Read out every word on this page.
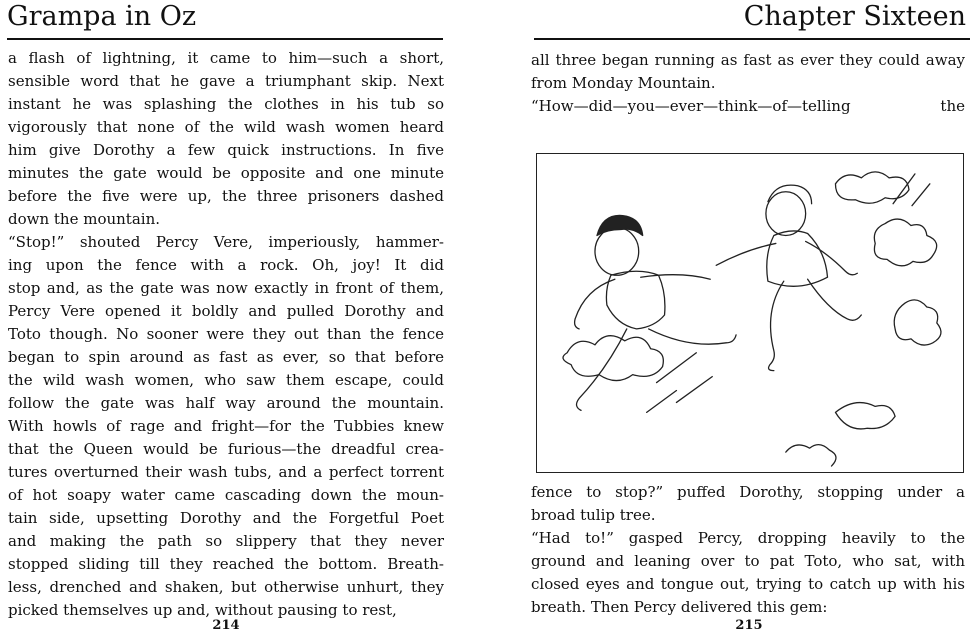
Grampa in Oz
a flash of lightning, it came to him—such a short,
sensible word that he gave a triumphant skip. Next
instant he was splashing the clothes in his tub so
vigorously that none of the wild wash women heard
him give Dorothy a few quick instructions. In five
minutes the gate would be opposite and one minute
before the five were up, the three prisoners dashed
down the mountain.
“Stop!” shouted Percy Vere, imperiously, hammer-
ing upon the fence with a rock. Oh, joy! It did
stop and, as the gate was now exactly in front of them,
Percy Vere opened it boldly and pulled Dorothy and
Toto though. No sooner were they out than the fence
began to spin around as fast as ever, so that before
the wild wash women, who saw them escape, could
follow the gate was half way around the mountain.
With howls of rage and fright—for the Tubbies knew
that the Queen would be furious—the dreadful crea-
tures overturned their wash tubs, and a perfect torrent
of hot soapy water came cascading down the moun-
tain side, upsetting Dorothy and the Forgetful Poet
and making the path so slippery that they never
stopped sliding till they reached the bottom. Breath-
less, drenched and shaken, but otherwise unhurt, they
picked themselves up and, without pausing to rest,
214
Chapter Sixteen
all three began running as fast as ever they could away
from Monday Mountain.
“How—did—you—ever—think—of—telling the
fence to stop?” puffed Dorothy, stopping under a
broad tulip tree.
“Had to!” gasped Percy, dropping heavily to the
ground and leaning over to pat Toto, who sat, with
closed eyes and tongue out, trying to catch up with his
breath. Then Percy delivered this gem:
215
